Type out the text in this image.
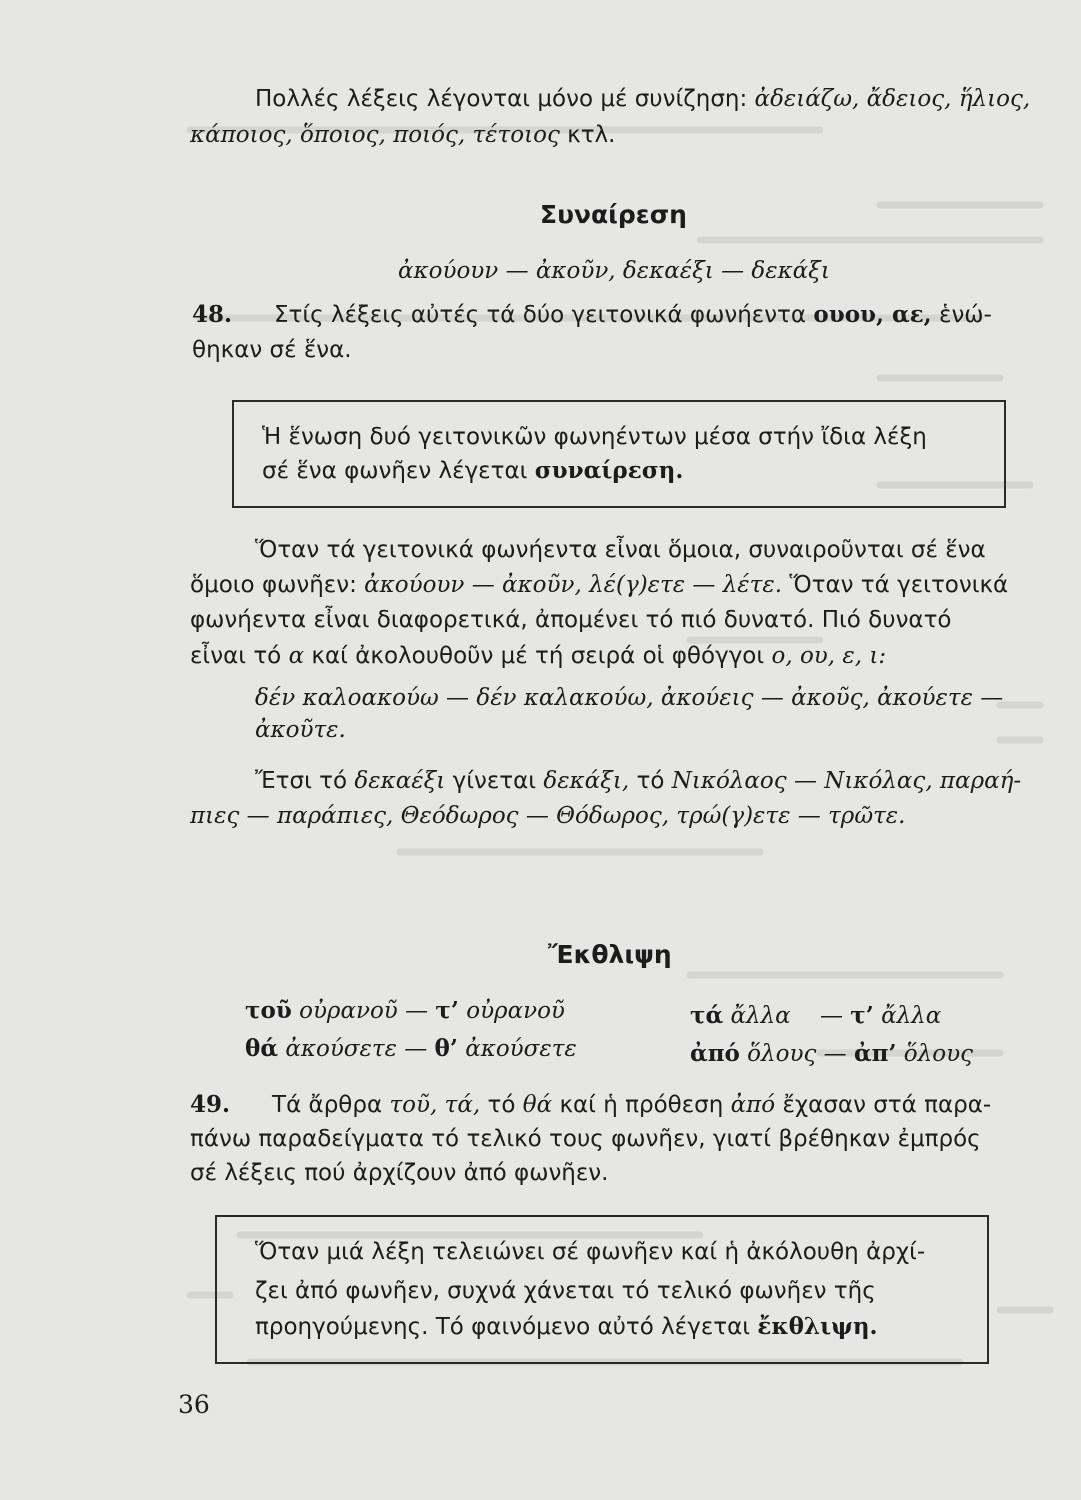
Πολλές λέξεις λέγονται μόνο μέ συνίζηση: ἀδειάζω, ἄδειος, ἥλιος,

κάποιος, ὅποιος, ποιός, τέτοιος κτλ.

Συναίρεση

ἀκούουν — ἀκοῦν, δεκαέξι — δεκάξι

48. Στίς λέξεις αὐτές τά δύο γειτονικά φωνήεντα ουου, αε, ἑνώ-

θηκαν σέ ἕνα.

Ἡ ἕνωση δυό γειτονικῶν φωνηέντων μέσα στήν ἴδια λέξη

σέ ἕνα φωνῆεν λέγεται συναίρεση.

Ὅταν τά γειτονικά φωνήεντα εἶναι ὅμοια, συναιροῦνται σέ ἕνα

ὅμοιο φωνῆεν: ἀκούουν — ἀκοῦν, λέ(γ)ετε — λέτε. Ὅταν τά γειτονικά

φωνήεντα εἶναι διαφορετικά, ἀπομένει τό πιό δυνατό. Πιό δυνατό

εἶναι τό α καί ἀκολουθοῦν μέ τή σειρά οἱ φθόγγοι ο, ου, ε, ι:

δέν καλοακούω — δέν καλακούω, ἀκούεις — ἀκοῦς, ἀκούετε —

ἀκοῦτε.

Ἔτσι τό δεκαέξι γίνεται δεκάξι, τό Νικόλαος — Νικόλας, παραή-

πιες — παράπιες, Θεόδωρος — Θόδωρος, τρώ(γ)ετε — τρῶτε.

Ἔκθλιψη

τοῦ οὐρανοῦ — τ’ οὐρανοῦ

θά ἀκούσετε — θ’ ἀκούσετε

τά ἄλλα    — τ’ ἄλλα

ἀπό ὅλους — ἀπ’ ὅλους

49. Τά ἄρθρα τοῦ, τά, τό θά καί ἡ πρόθεση ἀπό ἔχασαν στά παρα-

πάνω παραδείγματα τό τελικό τους φωνῆεν, γιατί βρέθηκαν ἐμπρός

σέ λέξεις πού ἀρχίζουν ἀπό φωνῆεν.

Ὅταν μιά λέξη τελειώνει σέ φωνῆεν καί ἡ ἀκόλουθη ἀρχί-

ζει ἀπό φωνῆεν, συχνά χάνεται τό τελικό φωνῆεν τῆς

προηγούμενης. Τό φαινόμενο αὐτό λέγεται ἔκθλιψη.

36
